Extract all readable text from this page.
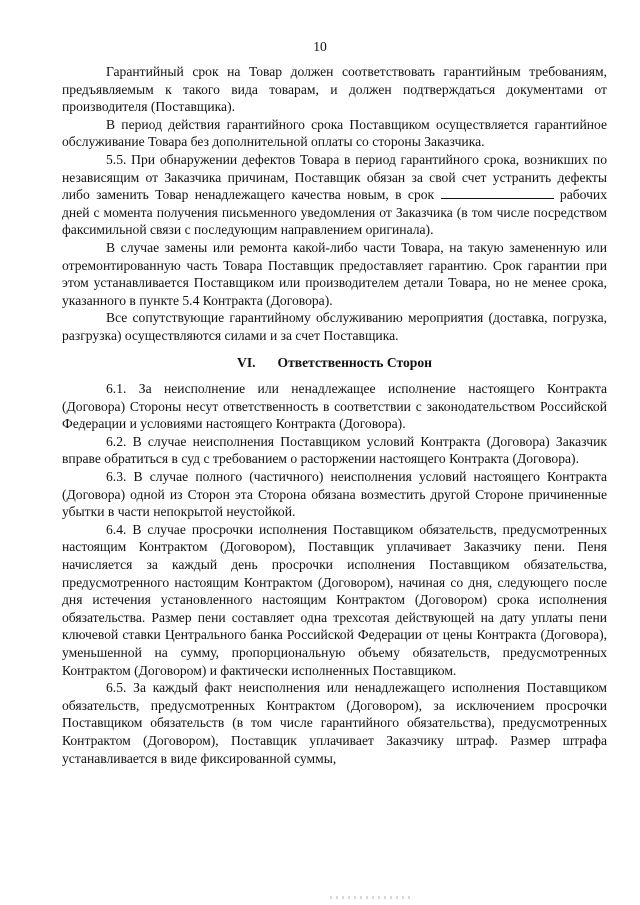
10

Гарантийный срок на Товар должен соответствовать гарантийным требованиям, предъявляемым к такого вида товарам, и должен подтверждаться документами от производителя (Поставщика).

В период действия гарантийного срока Поставщиком осуществляется гарантийное обслуживание Товара без дополнительной оплаты со стороны Заказчика.

5.5. При обнаружении дефектов Товара в период гарантийного срока, возникших по независящим от Заказчика причинам, Поставщик обязан за свой счет устранить дефекты либо заменить Товар ненадлежащего качества новым, в срок	рабочих дней с момента получения письменного уведомления от Заказчика (в том числе посредством факсимильной связи с последующим направлением оригинала).

В случае замены или ремонта какой-либо части Товара, на такую замененную или отремонтированную часть Товара Поставщик предоставляет гарантию. Срок гарантии при этом устанавливается Поставщиком или производителем детали Товара, но не менее срока, указанного в пункте 5.4 Контракта (Договора).

Все сопутствующие гарантийному обслуживанию мероприятия (доставка, погрузка, разгрузка) осуществляются силами и за счет Поставщика.

VI. Ответственность Сторон

6.1. За неисполнение или ненадлежащее исполнение настоящего Контракта (Договора) Стороны несут ответственность в соответствии с законодательством Российской Федерации и условиями настоящего Контракта (Договора).

6.2. В случае неисполнения Поставщиком условий Контракта (Договора) Заказчик вправе обратиться в суд с требованием о расторжении настоящего Контракта (Договора).

6.3. В случае полного (частичного) неисполнения условий настоящего Контракта (Договора) одной из Сторон эта Сторона обязана возместить другой Стороне причиненные убытки в части непокрытой неустойкой.

6.4. В случае просрочки исполнения Поставщиком обязательств, предусмотренных настоящим Контрактом (Договором), Поставщик уплачивает Заказчику пени. Пеня начисляется за каждый день просрочки исполнения Поставщиком обязательства, предусмотренного настоящим Контрактом (Договором), начиная со дня, следующего после дня истечения установленного настоящим Контрактом (Договором) срока исполнения обязательства. Размер пени составляет одна трехсотая действующей на дату уплаты пени ключевой ставки Центрального банка Российской Федерации от цены Контракта (Договора), уменьшенной на сумму, пропорциональную объему обязательств, предусмотренных Контрактом (Договором) и фактически исполненных Поставщиком.

6.5. За каждый факт неисполнения или ненадлежащего исполнения Поставщиком обязательств, предусмотренных Контрактом (Договором), за исключением просрочки Поставщиком обязательств (в том числе гарантийного обязательства), предусмотренных Контрактом (Договором), Поставщик уплачивает Заказчику штраф. Размер штрафа устанавливается в виде фиксированной суммы,
